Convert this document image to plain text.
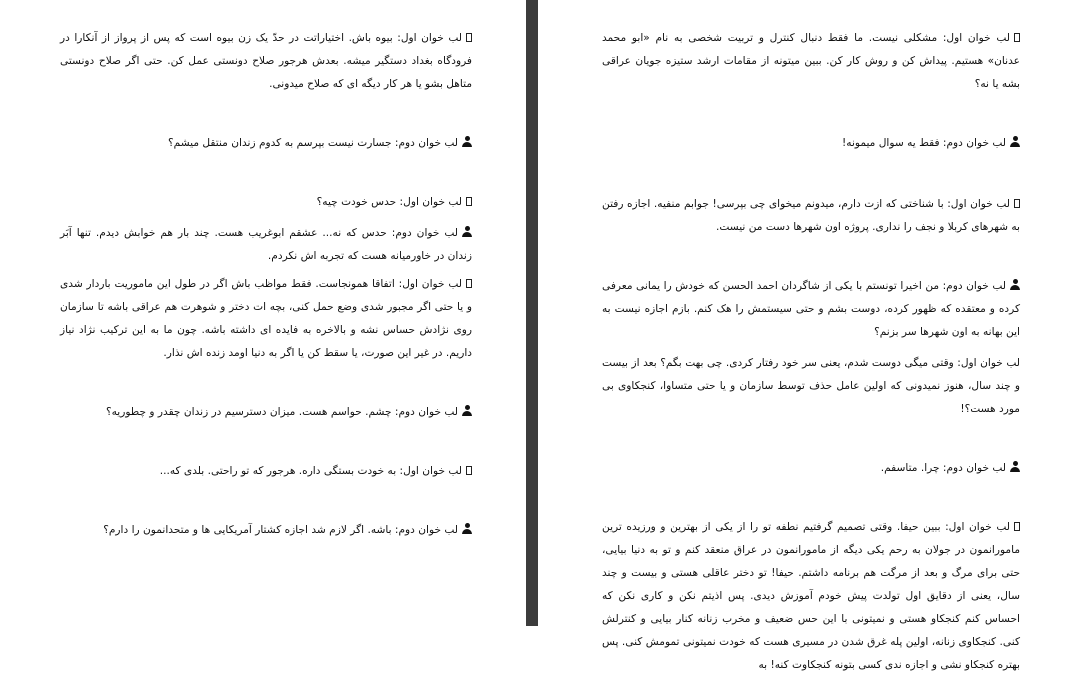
لب خوان اول: مشکلی نیست. ما فقط دنبال کنترل و تربیت شخصی به نام «ابو محمد عدنان» هستیم. پیداش کن و روش کار کن. ببین میتونه از مقامات ارشد ستیزه جویان عراقی بشه یا نه؟

لب خوان دوم: فقط یه سوال میمونه!

لب خوان اول: با شناختی که ازت دارم، میدونم میخوای چی بپرسی! جوابم منفیه. اجازه رفتن به شهرهای کربلا و نجف را نداری. پروژه اون شهرها دست من نیست.

لب خوان دوم: من اخیرا تونستم با یکی از شاگردان احمد الحسن که خودش را یمانی معرفی کرده و معتقده که ظهور کرده، دوست بشم و حتی سیستمش را هک کنم. بازم اجازه نیست به این بهانه به اون شهرها سر بزنم؟

لب خوان اول: وقتی میگی دوست شدم، یعنی سر خود رفتار کردی. چی بهت بگم؟ بعد از بیست و چند سال، هنوز نمیدونی که اولین عامل حذف توسط سازمان و یا حتی متساوا، کنجکاوی بی مورد هست؟!

لب خوان دوم: چرا. متاسفم.

لب خوان اول: ببین حیفا. وقتی تصمیم گرفتیم نطفه تو را از یکی از بهترین و ورزیده ترین مامورانمون در جولان به رحم یکی دیگه از مامورانمون در عراق منعقد کنم و تو به دنیا بیایی، حتی برای مرگ و بعد از مرگت هم برنامه داشتم. حیفا! تو دختر عاقلی هستی و بیست و چند سال، یعنی از دقایق اول تولدت پیش خودم آموزش دیدی. پس اذیتم نکن و کاری نکن که احساس کنم کنجکاو هستی و نمیتونی با این حس ضعیف و مخرب زنانه کنار بیایی و کنترلش کنی. کنجکاوی زنانه، اولین پله غرق شدن در مسیری هست که خودت نمیتونی تمومش کنی. پس بهتره کنجکاو نشی و اجازه ندی کسی بتونه کنجکاوت کنه! به

لب خوان اول: بیوه باش. اختیاراتت در حدّ یک زن بیوه است که پس از پرواز از آنکارا در فرودگاه بغداد دستگیر میشه. بعدش هرجور صلاح دونستی عمل کن. حتی اگر صلاح دونستی متاهل بشو یا هر کار دیگه ای که صلاح میدونی.

لب خوان دوم: جسارت نیست بپرسم به کدوم زندان منتقل میشم؟

لب خوان اول: حدس خودت چیه؟

لب خوان دوم: حدس که نه... عشقم ابوغریب هست. چند بار هم خوابش دیدم. تنها آبَر زندان در خاورمیانه هست که تجربه اش نکردم.

لب خوان اول: اتفاقا همونجاست. فقط مواظب باش اگر در طول این ماموریت باردار شدی و یا حتی اگر مجبور شدی وضع حمل کنی، بچه ات دختر و شوهرت هم عراقی باشه تا سازمان روی نژادش حساس نشه و بالاخره به فایده ای داشته باشه. چون ما به این ترکیب نژاد نیاز داریم. در غیر این صورت، یا سقط کن یا اگر به دنیا اومد زنده اش نذار.

لب خوان دوم: چشم. حواسم هست. میزان دسترسیم در زندان چقدر و چطوریه؟

لب خوان اول: به خودت بستگی داره. هرجور که تو راحتی. بلدی که...

لب خوان دوم: باشه. اگر لازم شد اجازه کشتار آمریکایی ها و متحدانمون را دارم؟
